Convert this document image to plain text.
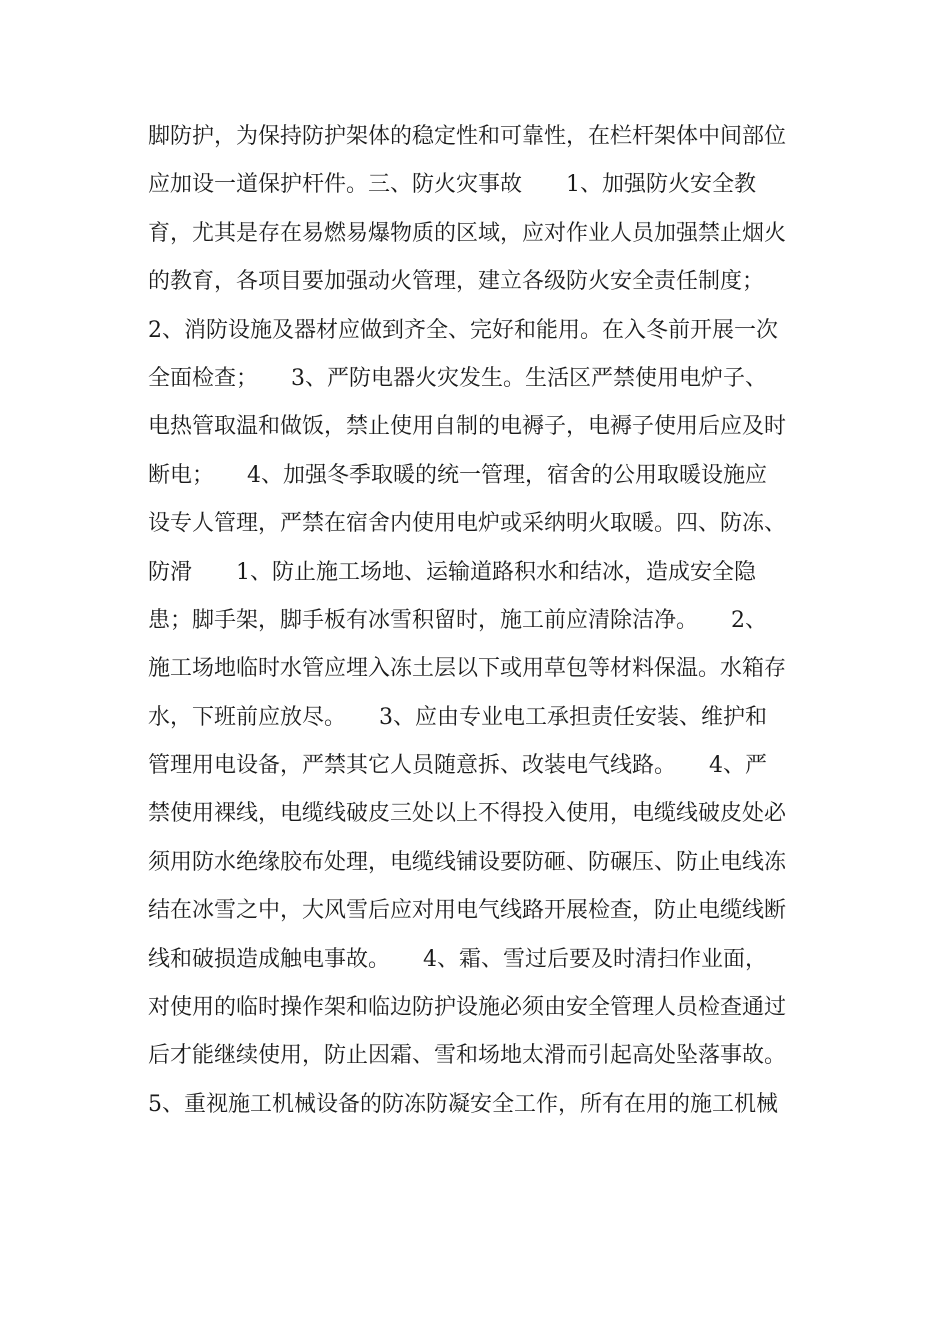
脚防护，为保持防护架体的稳定性和可靠性，在栏杆架体中间部位
应加设一道保护杆件。三、防火灾事故　　1、加强防火安全教
育，尤其是存在易燃易爆物质的区域，应对作业人员加强禁止烟火
的教育，各项目要加强动火管理，建立各级防火安全责任制度；
2、消防设施及器材应做到齐全、完好和能用。在入冬前开展一次
全面检查；　　3、严防电器火灾发生。生活区严禁使用电炉子、
电热管取温和做饭，禁止使用自制的电褥子，电褥子使用后应及时
断电；　　4、加强冬季取暖的统一管理，宿舍的公用取暖设施应
设专人管理，严禁在宿舍内使用电炉或采纳明火取暖。四、防冻、
防滑　　1、防止施工场地、运输道路积水和结冰，造成安全隐
患；脚手架，脚手板有冰雪积留时，施工前应清除洁净。　　2、
施工场地临时水管应埋入冻土层以下或用草包等材料保温。水箱存
水，下班前应放尽。　　3、应由专业电工承担责任安装、维护和
管理用电设备，严禁其它人员随意拆、改装电气线路。　　4、严
禁使用裸线，电缆线破皮三处以上不得投入使用，电缆线破皮处必
须用防水绝缘胶布处理，电缆线铺设要防砸、防碾压、防止电线冻
结在冰雪之中，大风雪后应对用电气线路开展检查，防止电缆线断
线和破损造成触电事故。　　4、霜、雪过后要及时清扫作业面，
对使用的临时操作架和临边防护设施必须由安全管理人员检查通过
后才能继续使用，防止因霜、雪和场地太滑而引起高处坠落事故。
5、重视施工机械设备的防冻防凝安全工作，所有在用的施工机械
